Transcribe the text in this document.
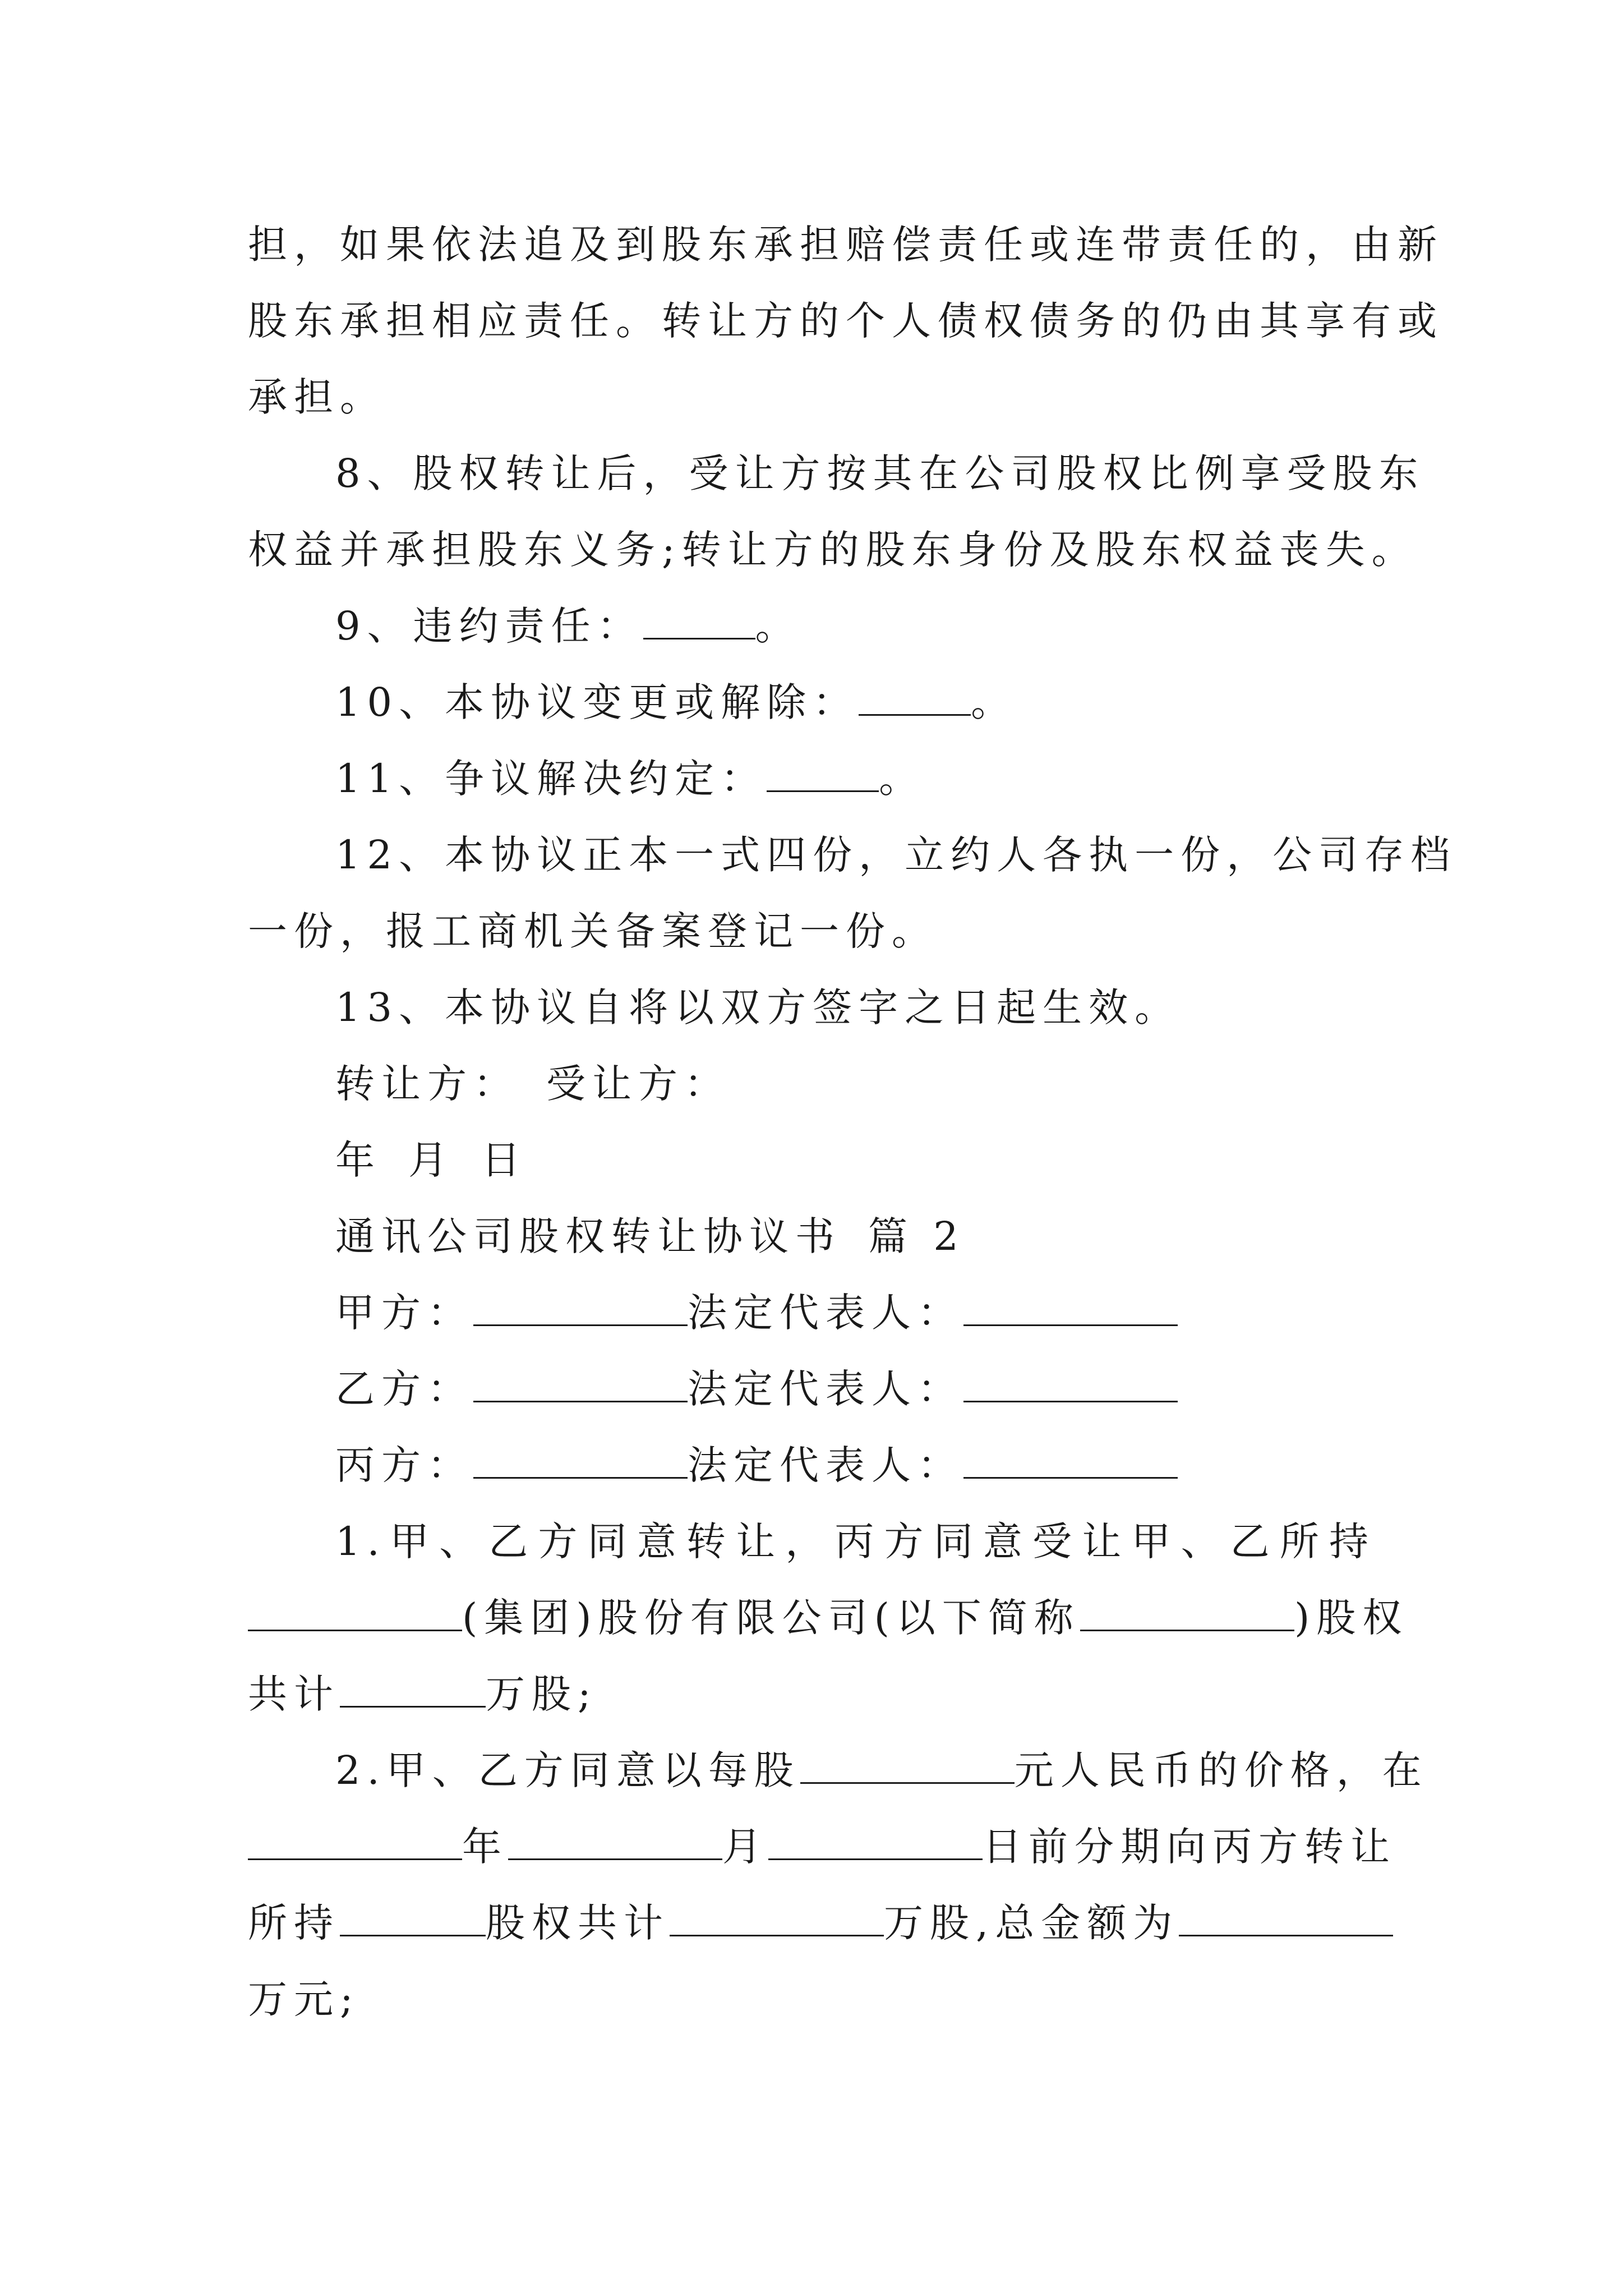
担，如果依法追及到股东承担赔偿责任或连带责任的，由新

股东承担相应责任。转让方的个人债权债务的仍由其享有或

承担。

8、股权转让后，受让方按其在公司股权比例享受股东

权益并承担股东义务;转让方的股东身份及股东权益丧失。

9、违约责任：	。

10、本协议变更或解除：	。

11、争议解决约定：	。

12、本协议正本一式四份，立约人各执一份，公司存档

一份，报工商机关备案登记一份。

13、本协议自将以双方签字之日起生效。

转让方： 受让方：

年 月 日

通讯公司股权转让协议书 篇 2

甲方：	法定代表人：

乙方：	法定代表人：

丙方：	法定代表人：

1.甲、乙方同意转让，丙方同意受让甲、乙所持

(集团)股份有限公司(以下简称	)股权

共计	万股;

2.甲、乙方同意以每股	元人民币的价格，在

年	月	日前分期向丙方转让

所持	股权共计	万股,总金额为

万元;
